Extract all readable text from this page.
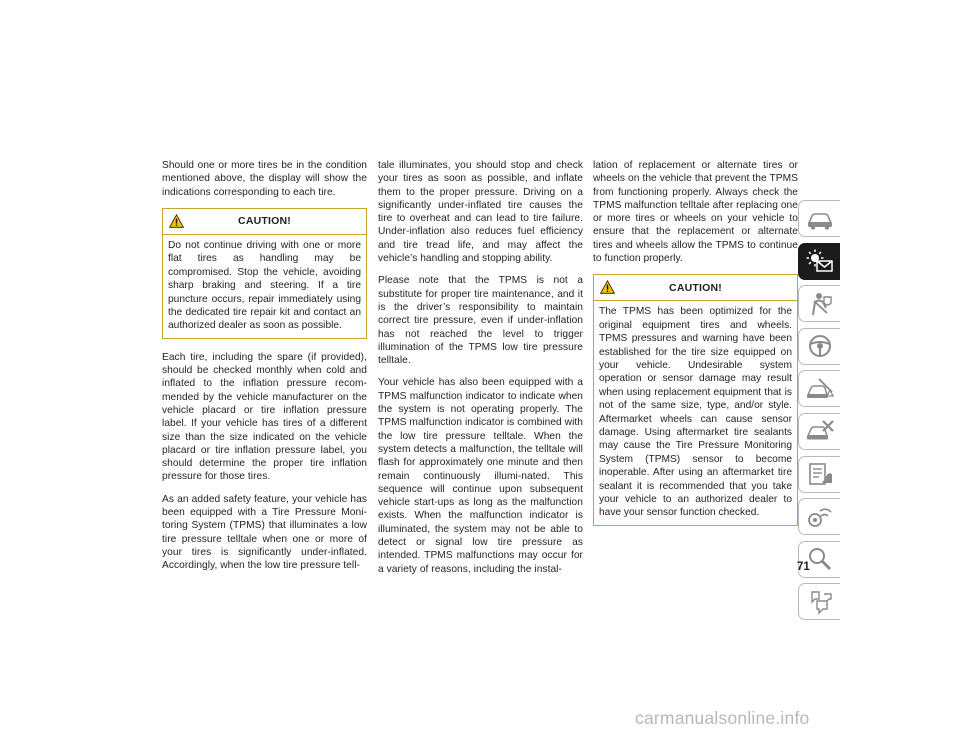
Should one or more tires be in the condition mentioned above, the display will show the indications corresponding to each tire.

CAUTION!
Do not continue driving with one or more flat tires as handling may be compromised. Stop the vehicle, avoiding sharp braking and steering. If a tire puncture occurs, repair immediately using the dedicated tire repair kit and contact an authorized dealer as soon as possible.

Each tire, including the spare (if provided), should be checked monthly when cold and inflated to the inflation pressure recom-mended by the vehicle manufacturer on the vehicle placard or tire inflation pressure label. If your vehicle has tires of a different size than the size indicated on the vehicle placard or tire inflation pressure label, you should determine the proper tire inflation pressure for those tires.

As an added safety feature, your vehicle has been equipped with a Tire Pressure Moni-toring System (TPMS) that illuminates a low tire pressure telltale when one or more of your tires is significantly under-inflated. Accordingly, when the low tire pressure tell-

tale illuminates, you should stop and check your tires as soon as possible, and inflate them to the proper pressure. Driving on a significantly under-inflated tire causes the tire to overheat and can lead to tire failure. Under-inflation also reduces fuel efficiency and tire tread life, and may affect the vehicle’s handling and stopping ability.

Please note that the TPMS is not a substitute for proper tire maintenance, and it is the driver’s responsibility to maintain correct tire pressure, even if under-inflation has not reached the level to trigger illumination of the TPMS low tire pressure telltale.

Your vehicle has also been equipped with a TPMS malfunction indicator to indicate when the system is not operating properly. The TPMS malfunction indicator is combined with the low tire pressure telltale. When the system detects a malfunction, the telltale will flash for approximately one minute and then remain continuously illumi-nated. This sequence will continue upon subsequent vehicle start-ups as long as the malfunction exists. When the malfunction indicator is illuminated, the system may not be able to detect or signal low tire pressure as intended. TPMS malfunctions may occur for a variety of reasons, including the instal-

lation of replacement or alternate tires or wheels on the vehicle that prevent the TPMS from functioning properly. Always check the TPMS malfunction telltale after replacing one or more tires or wheels on your vehicle to ensure that the replacement or alternate tires and wheels allow the TPMS to continue to function properly.

CAUTION!
The TPMS has been optimized for the original equipment tires and wheels. TPMS pressures and warning have been established for the tire size equipped on your vehicle. Undesirable system operation or sensor damage may result when using replacement equipment that is not of the same size, type, and/or style. Aftermarket wheels can cause sensor damage. Using aftermarket tire sealants may cause the Tire Pressure Monitoring System (TPMS) sensor to become inoperable. After using an aftermarket tire sealant it is recommended that you take your vehicle to an authorized dealer to have your sensor function checked.
71
carmanualsonline.info
